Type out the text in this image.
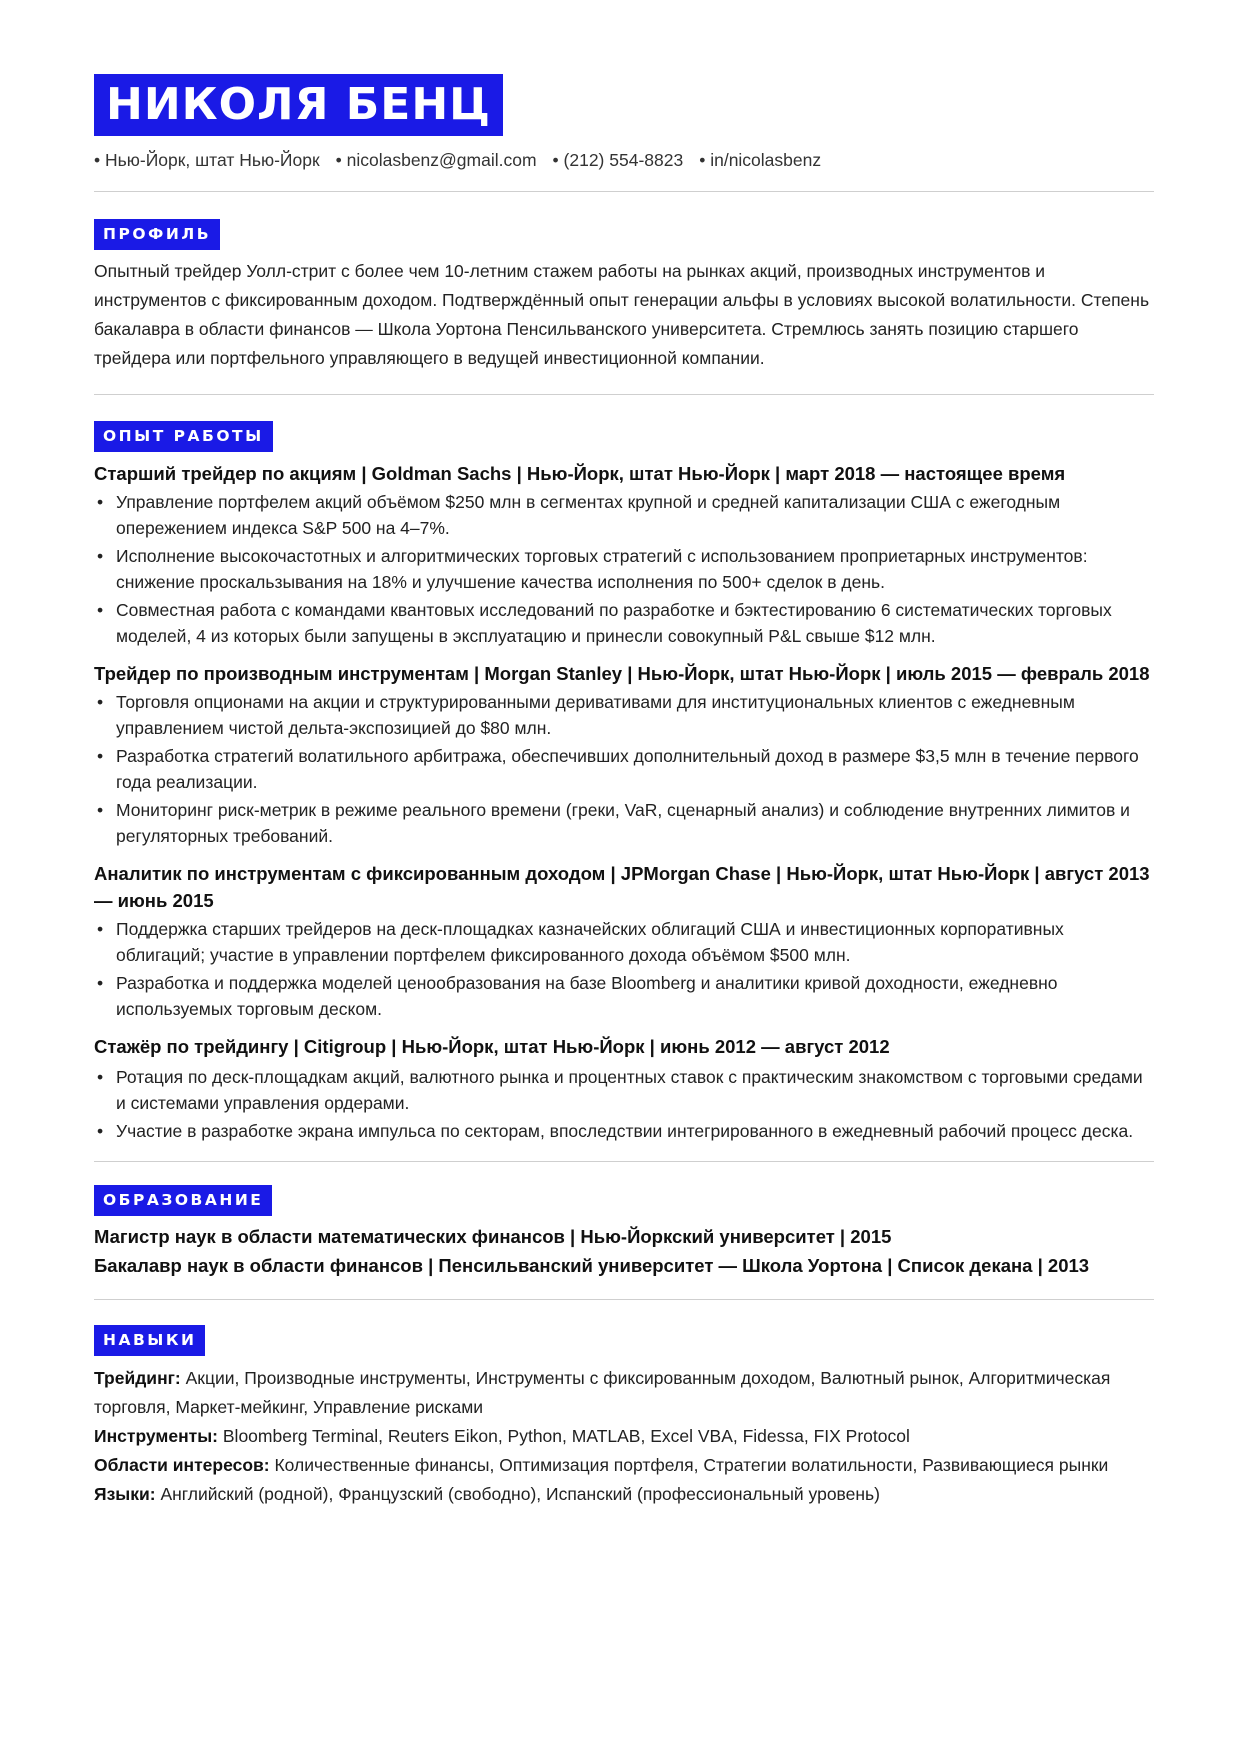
НИКОЛЯ БЕНЦ
• Нью-Йорк, штат Нью-Йорк • nicolasbenz@gmail.com • (212) 554-8823 • in/nicolasbenz
ПРОФИЛЬ
Опытный трейдер Уолл-стрит с более чем 10-летним стажем работы на рынках акций, производных инструментов и инструментов с фиксированным доходом. Подтверждённый опыт генерации альфы в условиях высокой волатильности. Степень бакалавра в области финансов — Школа Уортона Пенсильванского университета. Стремлюсь занять позицию старшего трейдера или портфельного управляющего в ведущей инвестиционной компании.
ОПЫТ РАБОТЫ
Старший трейдер по акциям | Goldman Sachs | Нью-Йорк, штат Нью-Йорк | март 2018 — настоящее время
• Управление портфелем акций объёмом $250 млн в сегментах крупной и средней капитализации США с ежегодным опережением индекса S&P 500 на 4–7%.
• Исполнение высокочастотных и алгоритмических торговых стратегий с использованием проприетарных инструментов: снижение проскальзывания на 18% и улучшение качества исполнения по 500+ сделок в день.
• Совместная работа с командами квантовых исследований по разработке и бэктестированию 6 систематических торговых моделей, 4 из которых были запущены в эксплуатацию и принесли совокупный P&L свыше $12 млн.
Трейдер по производным инструментам | Morgan Stanley | Нью-Йорк, штат Нью-Йорк | июль 2015 — февраль 2018
• Торговля опционами на акции и структурированными деривативами для институциональных клиентов с ежедневным управлением чистой дельта-экспозицией до $80 млн.
• Разработка стратегий волатильного арбитража, обеспечивших дополнительный доход в размере $3,5 млн в течение первого года реализации.
• Мониторинг риск-метрик в режиме реального времени (греки, VaR, сценарный анализ) и соблюдение внутренних лимитов и регуляторных требований.
Аналитик по инструментам с фиксированным доходом | JPMorgan Chase | Нью-Йорк, штат Нью-Йорк | август 2013 — июнь 2015
• Поддержка старших трейдеров на деск-площадках казначейских облигаций США и инвестиционных корпоративных облигаций; участие в управлении портфелем фиксированного дохода объёмом $500 млн.
• Разработка и поддержка моделей ценообразования на базе Bloomberg и аналитики кривой доходности, ежедневно используемых торговым деском.
Стажёр по трейдингу | Citigroup | Нью-Йорк, штат Нью-Йорк | июнь 2012 — август 2012
• Ротация по деск-площадкам акций, валютного рынка и процентных ставок с практическим знакомством с торговыми средами и системами управления ордерами.
• Участие в разработке экрана импульса по секторам, впоследствии интегрированного в ежедневный рабочий процесс деска.
ОБРАЗОВАНИЕ
Магистр наук в области математических финансов | Нью-Йоркский университет | 2015
Бакалавр наук в области финансов | Пенсильванский университет — Школа Уортона | Список декана | 2013
НАВЫКИ
Трейдинг: Акции, Производные инструменты, Инструменты с фиксированным доходом, Валютный рынок, Алгоритмическая торговля, Маркет-мейкинг, Управление рисками
Инструменты: Bloomberg Terminal, Reuters Eikon, Python, MATLAB, Excel VBA, Fidessa, FIX Protocol
Области интересов: Количественные финансы, Оптимизация портфеля, Стратегии волатильности, Развивающиеся рынки
Языки: Английский (родной), Французский (свободно), Испанский (профессиональный уровень)
